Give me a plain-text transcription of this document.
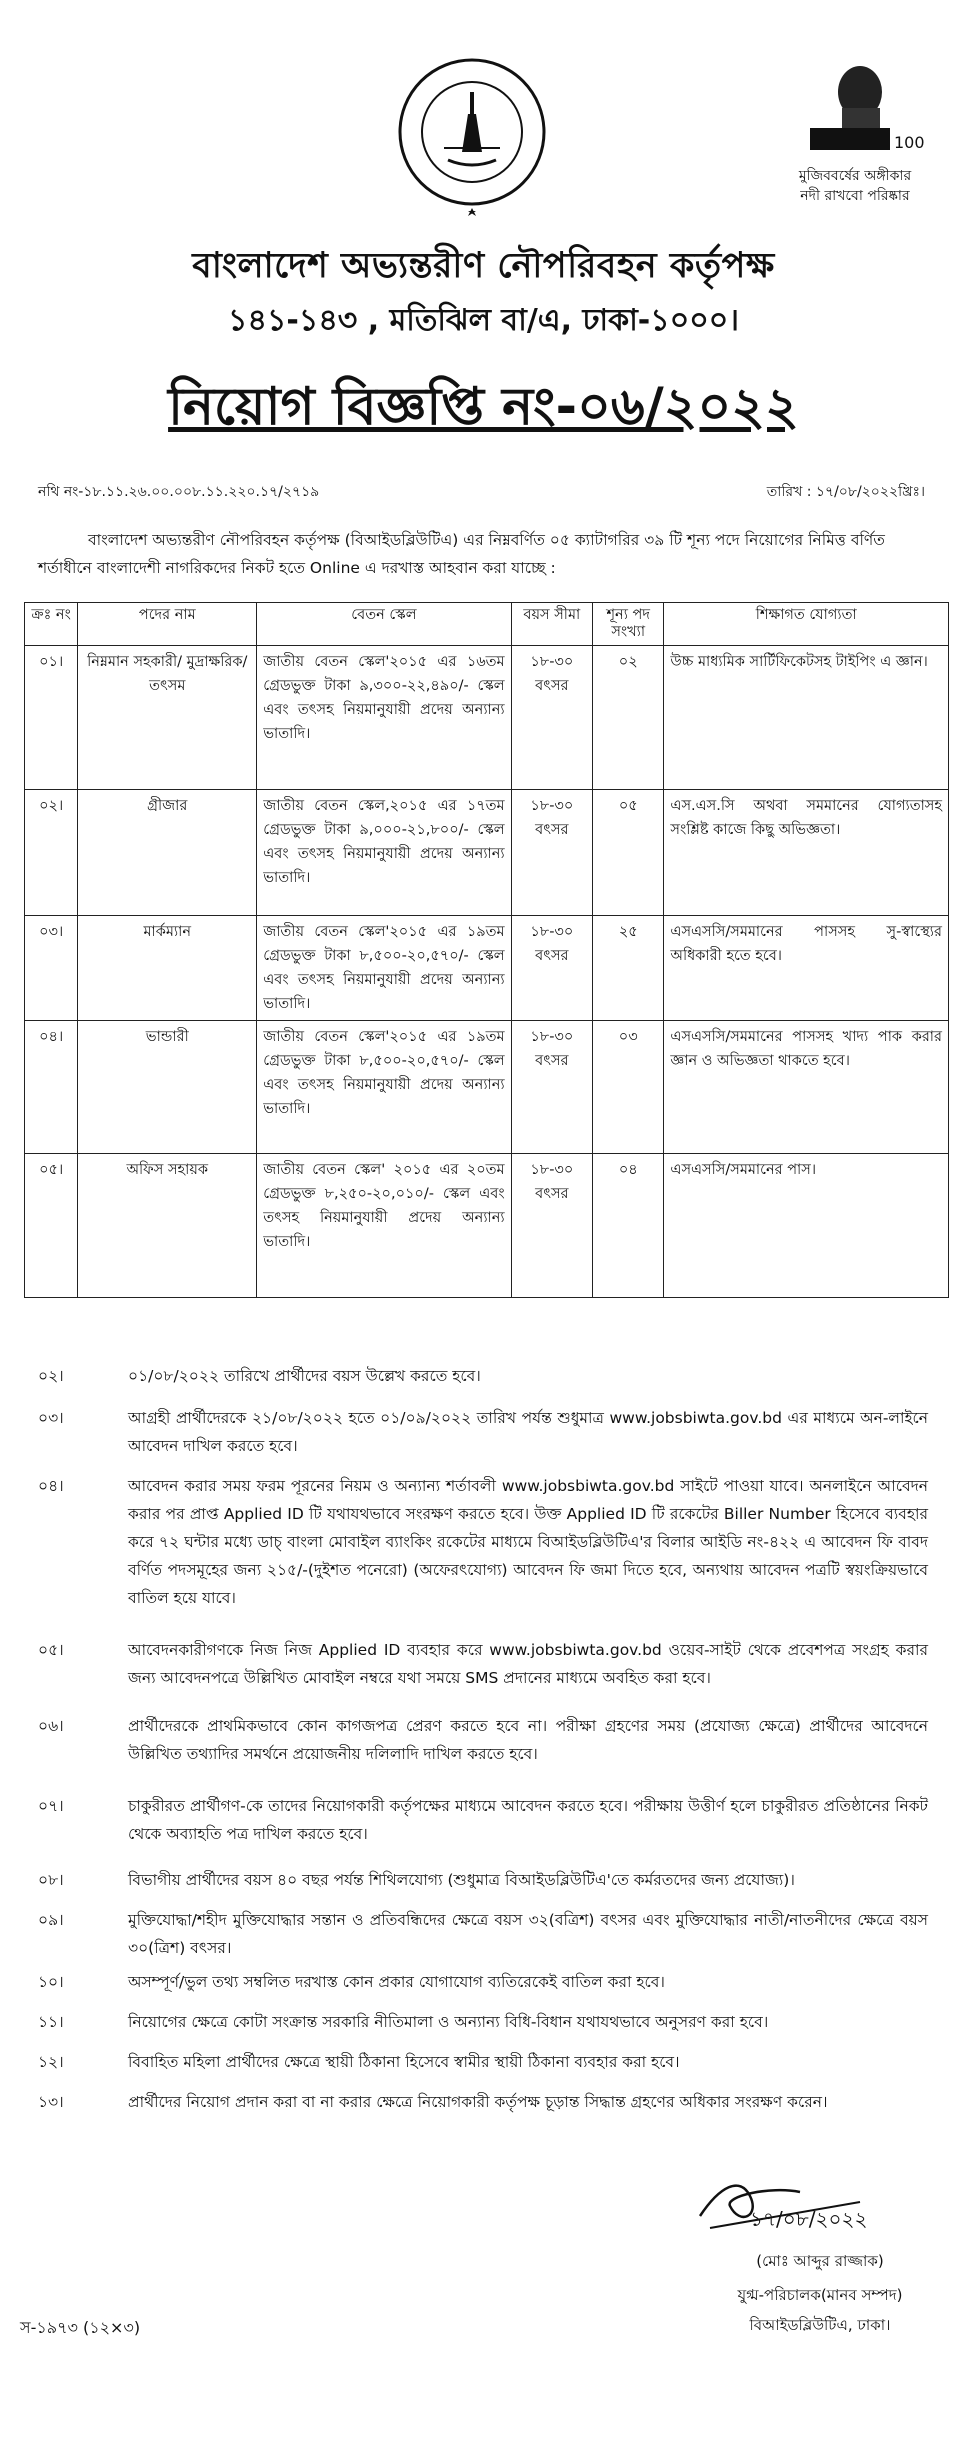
100
মুজিববর্ষের অঙ্গীকার
নদী রাখবো পরিষ্কার
বাংলাদেশ অভ্যন্তরীণ নৌপরিবহন কর্তৃপক্ষ
১৪১-১৪৩ , মতিঝিল বা/এ, ঢাকা-১০০০।
নিয়োগ বিজ্ঞপ্তি নং-০৬/২০২২
নথি নং-১৮.১১.২৬.০০.০০৮.১১.২২০.১৭/২৭১৯	তারিখ : ১৭/০৮/২০২২খ্রিঃ।
বাংলাদেশ অভ্যন্তরীণ নৌপরিবহন কর্তৃপক্ষ (বিআইডব্লিউটিএ) এর নিম্নবর্ণিত ০৫ ক্যাটাগরির ৩৯ টি শূন্য পদে নিয়োগের নিমিত্ত বর্ণিত শর্তাধীনে বাংলাদেশী নাগরিকদের নিকট হতে Online এ দরখাস্ত আহবান করা যাচ্ছে :
ক্রঃ নং	পদের নাম	বেতন স্কেল	বয়স সীমা	শূন্য পদ সংখ্যা	শিক্ষাগত যোগ্যতা
০১।	নিম্নমান সহকারী/ মুদ্রাক্ষরিক/তৎসম	জাতীয় বেতন স্কেল'২০১৫ এর ১৬তম গ্রেডভুক্ত টাকা ৯,৩০০-২২,৪৯০/- স্কেল এবং তৎসহ নিয়মানুযায়ী প্রদেয় অন্যান্য ভাতাদি।	১৮-৩০ বৎসর	০২	উচ্চ মাধ্যমিক সার্টিফিকেটসহ টাইপিং এ জ্ঞান।
০২।	গ্রীজার	জাতীয় বেতন স্কেল,২০১৫ এর ১৭তম গ্রেডভুক্ত টাকা ৯,০০০-২১,৮০০/- স্কেল এবং তৎসহ নিয়মানুযায়ী প্রদেয় অন্যান্য ভাতাদি।	১৮-৩০ বৎসর	০৫	এস.এস.সি অথবা সমমানের যোগ্যতাসহ সংশ্লিষ্ট কাজে কিছু অভিজ্ঞতা।
০৩।	মার্কম্যান	জাতীয় বেতন স্কেল'২০১৫ এর ১৯তম গ্রেডভুক্ত টাকা ৮,৫০০-২০,৫৭০/- স্কেল এবং তৎসহ নিয়মানুযায়ী প্রদেয় অন্যান্য ভাতাদি।	১৮-৩০ বৎসর	২৫	এসএসসি/সমমানের পাসসহ সু-স্বাস্থ্যের অধিকারী হতে হবে।
০৪।	ভান্ডারী	জাতীয় বেতন স্কেল'২০১৫ এর ১৯তম গ্রেডভুক্ত টাকা ৮,৫০০-২০,৫৭০/- স্কেল এবং তৎসহ নিয়মানুযায়ী প্রদেয় অন্যান্য ভাতাদি।	১৮-৩০ বৎসর	০৩	এসএসসি/সমমানের পাসসহ খাদ্য পাক করার জ্ঞান ও অভিজ্ঞতা থাকতে হবে।
০৫।	অফিস সহায়ক	জাতীয় বেতন স্কেল' ২০১৫ এর ২০তম গ্রেডভুক্ত ৮,২৫০-২০,০১০/- স্কেল এবং তৎসহ নিয়মানুযায়ী প্রদেয় অন্যান্য ভাতাদি।	১৮-৩০ বৎসর	০৪	এসএসসি/সমমানের পাস।
০২।	০১/০৮/২০২২ তারিখে প্রার্থীদের বয়স উল্লেখ করতে হবে।
০৩।	আগ্রহী প্রার্থীদেরকে ২১/০৮/২০২২ হতে ০১/০৯/২০২২ তারিখ পর্যন্ত শুধুমাত্র www.jobsbiwta.gov.bd এর মাধ্যমে অন-লাইনে আবেদন দাখিল করতে হবে।
০৪।	আবেদন করার সময় ফরম পূরনের নিয়ম ও অন্যান্য শর্তাবলী www.jobsbiwta.gov.bd সাইটে পাওয়া যাবে। অনলাইনে আবেদন করার পর প্রাপ্ত Applied ID টি যথাযথভাবে সংরক্ষণ করতে হবে। উক্ত Applied ID টি রকেটের Biller Number হিসেবে ব্যবহার করে ৭২ ঘন্টার মধ্যে ডাচ্ বাংলা মোবাইল ব্যাংকিং রকেটের মাধ্যমে বিআইডব্লিউটিএ'র বিলার আইডি নং-৪২২ এ আবেদন ফি বাবদ বর্ণিত পদসমূহের জন্য ২১৫/-(দুইশত পনেরো) (অফেরৎযোগ্য) আবেদন ফি জমা দিতে হবে, অন্যথায় আবেদন পত্রটি স্বয়ংক্রিয়ভাবে বাতিল হয়ে যাবে।
০৫।	আবেদনকারীগণকে নিজ নিজ Applied ID ব্যবহার করে www.jobsbiwta.gov.bd ওয়েব-সাইট থেকে প্রবেশপত্র সংগ্রহ করার জন্য আবেদনপত্রে উল্লিখিত মোবাইল নম্বরে যথা সময়ে SMS প্রদানের মাধ্যমে অবহিত করা হবে।
০৬।	প্রার্থীদেরকে প্রাথমিকভাবে কোন কাগজপত্র প্রেরণ করতে হবে না। পরীক্ষা গ্রহণের সময় (প্রযোজ্য ক্ষেত্রে) প্রার্থীদের আবেদনে উল্লিখিত তথ্যাদির সমর্থনে প্রয়োজনীয় দলিলাদি দাখিল করতে হবে।
০৭।	চাকুরীরত প্রার্থীগণ-কে তাদের নিয়োগকারী কর্তৃপক্ষের মাধ্যমে আবেদন করতে হবে। পরীক্ষায় উত্তীর্ণ হলে চাকুরীরত প্রতিষ্ঠানের নিকট থেকে অব্যাহতি পত্র দাখিল করতে হবে।
০৮।	বিভাগীয় প্রার্থীদের বয়স ৪০ বছর পর্যন্ত শিথিলযোগ্য (শুধুমাত্র বিআইডব্লিউটিএ'তে কর্মরতদের জন্য প্রযোজ্য)।
০৯।	মুক্তিযোদ্ধা/শহীদ মুক্তিযোদ্ধার সন্তান ও প্রতিবন্ধিদের ক্ষেত্রে বয়স ৩২(বত্রিশ) বৎসর এবং মুক্তিযোদ্ধার নাতী/নাতনীদের ক্ষেত্রে বয়স ৩০(ত্রিশ) বৎসর।
১০।	অসম্পূর্ণ/ভুল তথ্য সম্বলিত দরখাস্ত কোন প্রকার যোগাযোগ ব্যতিরেকেই বাতিল করা হবে।
১১।	নিয়োগের ক্ষেত্রে কোটা সংক্রান্ত সরকারি নীতিমালা ও অন্যান্য বিধি-বিধান যথাযথভাবে অনুসরণ করা হবে।
১২।	বিবাহিত মহিলা প্রার্থীদের ক্ষেত্রে স্থায়ী ঠিকানা হিসেবে স্বামীর স্থায়ী ঠিকানা ব্যবহার করা হবে।
১৩।	প্রার্থীদের নিয়োগ প্রদান করা বা না করার ক্ষেত্রে নিয়োগকারী কর্তৃপক্ষ চূড়ান্ত সিদ্ধান্ত গ্রহণের অধিকার সংরক্ষণ করেন।
১৭/০৮/২০২২
(মোঃ আব্দুর রাজ্জাক)
যুগ্ম-পরিচালক(মানব সম্পদ)
বিআইডব্লিউটিএ, ঢাকা।
স-১৯৭৩ (১২×৩)
